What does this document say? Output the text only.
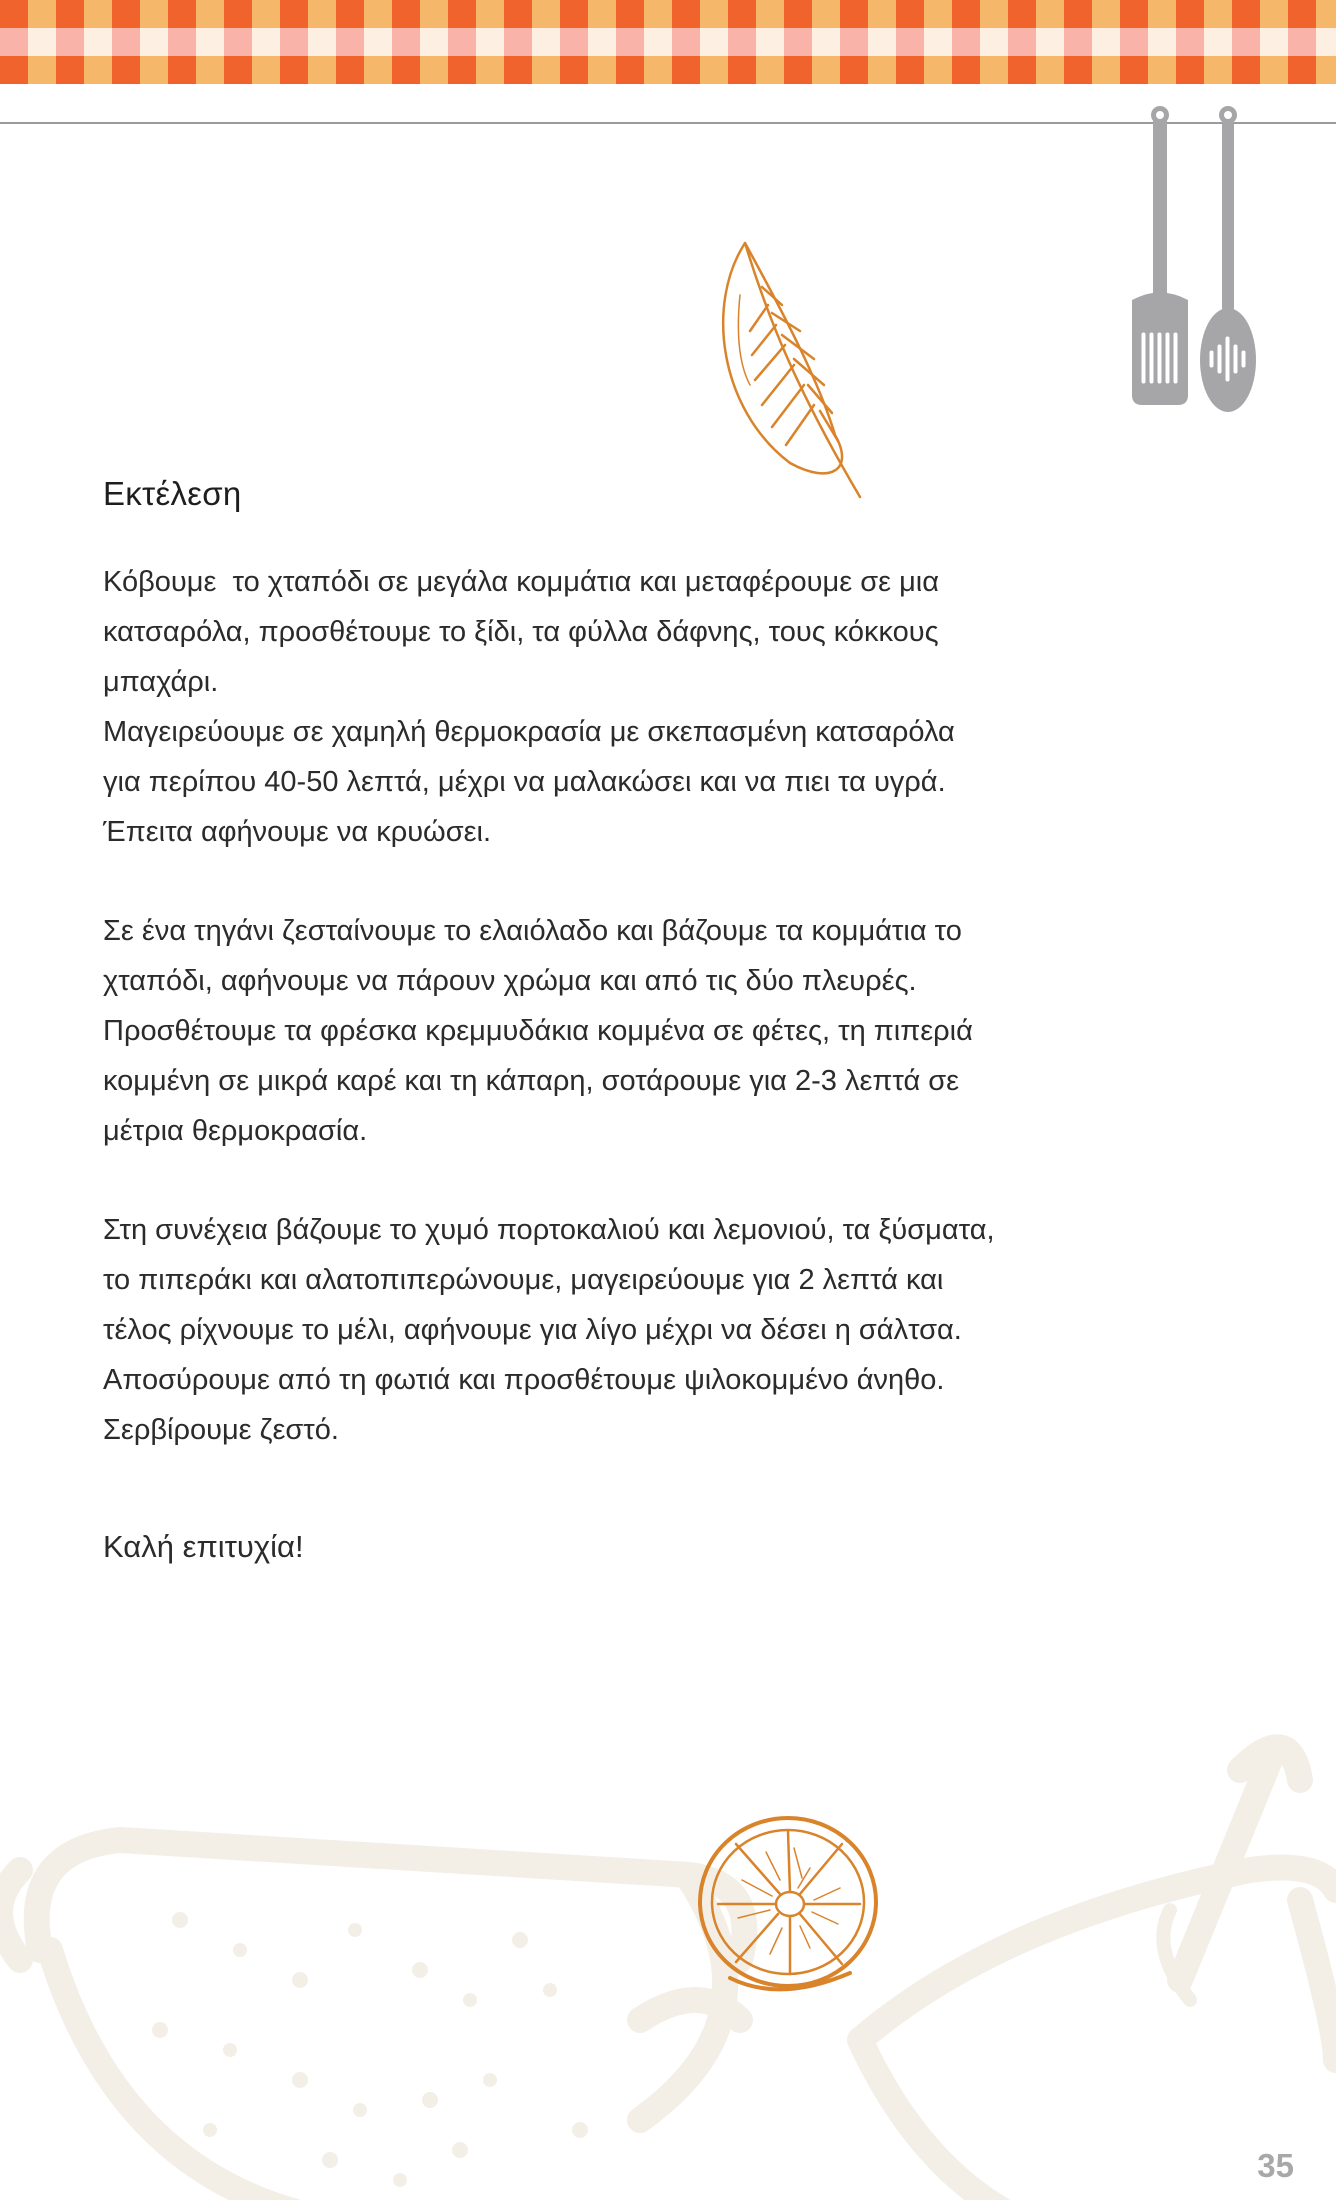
Εκτέλεση
Κόβουμε  το χταπόδι σε μεγάλα κομμάτια και μεταφέρουμε σε μια
κατσαρόλα, προσθέτουμε το ξίδι, τα φύλλα δάφνης, τους κόκκους
μπαχάρι.
Μαγειρεύουμε σε χαμηλή θερμοκρασία με σκεπασμένη κατσαρόλα
για περίπου 40-50 λεπτά, μέχρι να μαλακώσει και να πιει τα υγρά.
Έπειτα αφήνουμε να κρυώσει.
Σε ένα τηγάνι ζεσταίνουμε το ελαιόλαδο και βάζουμε τα κομμάτια το
χταπόδι, αφήνουμε να πάρουν χρώμα και από τις δύο πλευρές.
Προσθέτουμε τα φρέσκα κρεμμυδάκια κομμένα σε φέτες, τη πιπεριά
κομμένη σε μικρά καρέ και τη κάπαρη, σοτάρουμε για 2-3 λεπτά σε
μέτρια θερμοκρασία.
Στη συνέχεια βάζουμε το χυμό πορτοκαλιού και λεμονιού, τα ξύσματα,
το πιπεράκι και αλατοπιπερώνουμε, μαγειρεύουμε για 2 λεπτά και
τέλος ρίχνουμε το μέλι, αφήνουμε για λίγο μέχρι να δέσει η σάλτσα.
Αποσύρουμε από τη φωτιά και προσθέτουμε ψιλοκομμένο άνηθο.
Σερβίρουμε ζεστό.
Καλή επιτυχία!
35
